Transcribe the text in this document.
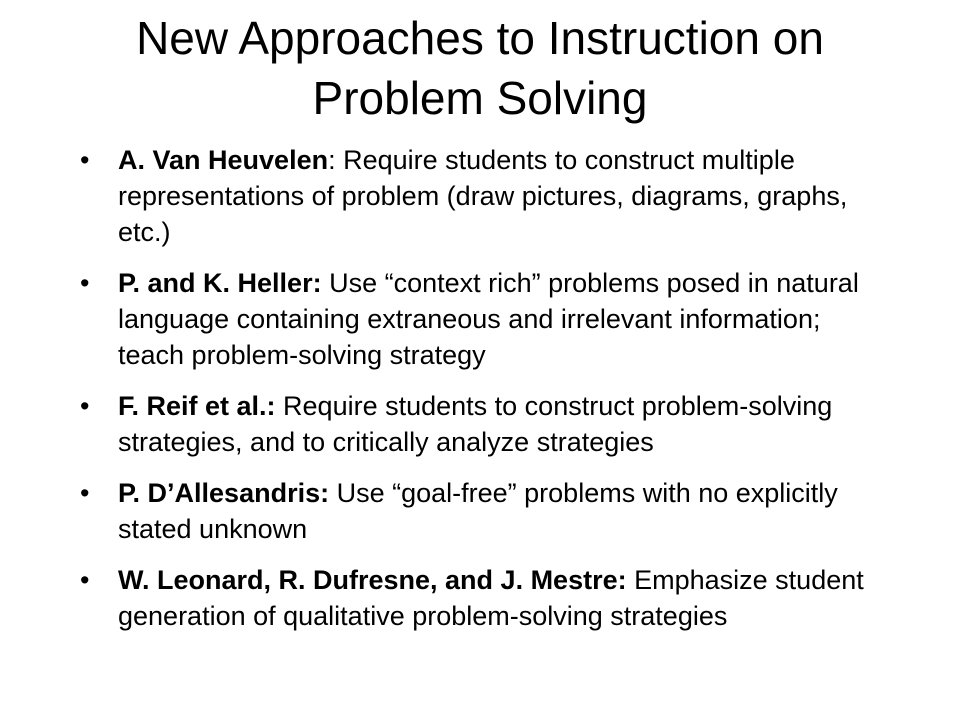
New Approaches to Instruction on
Problem Solving
•	A. Van Heuvelen: Require students to construct multiple representations of problem (draw pictures, diagrams, graphs, etc.)
•	P. and K. Heller: Use “context rich” problems posed in natural language containing extraneous and irrelevant information; teach problem-solving strategy
•	F. Reif et al.: Require students to construct problem-solving strategies, and to critically analyze strategies
•	P. D’Allesandris: Use “goal-free” problems with no explicitly stated unknown
•	W. Leonard, R. Dufresne, and J. Mestre: Emphasize student generation of qualitative problem-solving strategies
